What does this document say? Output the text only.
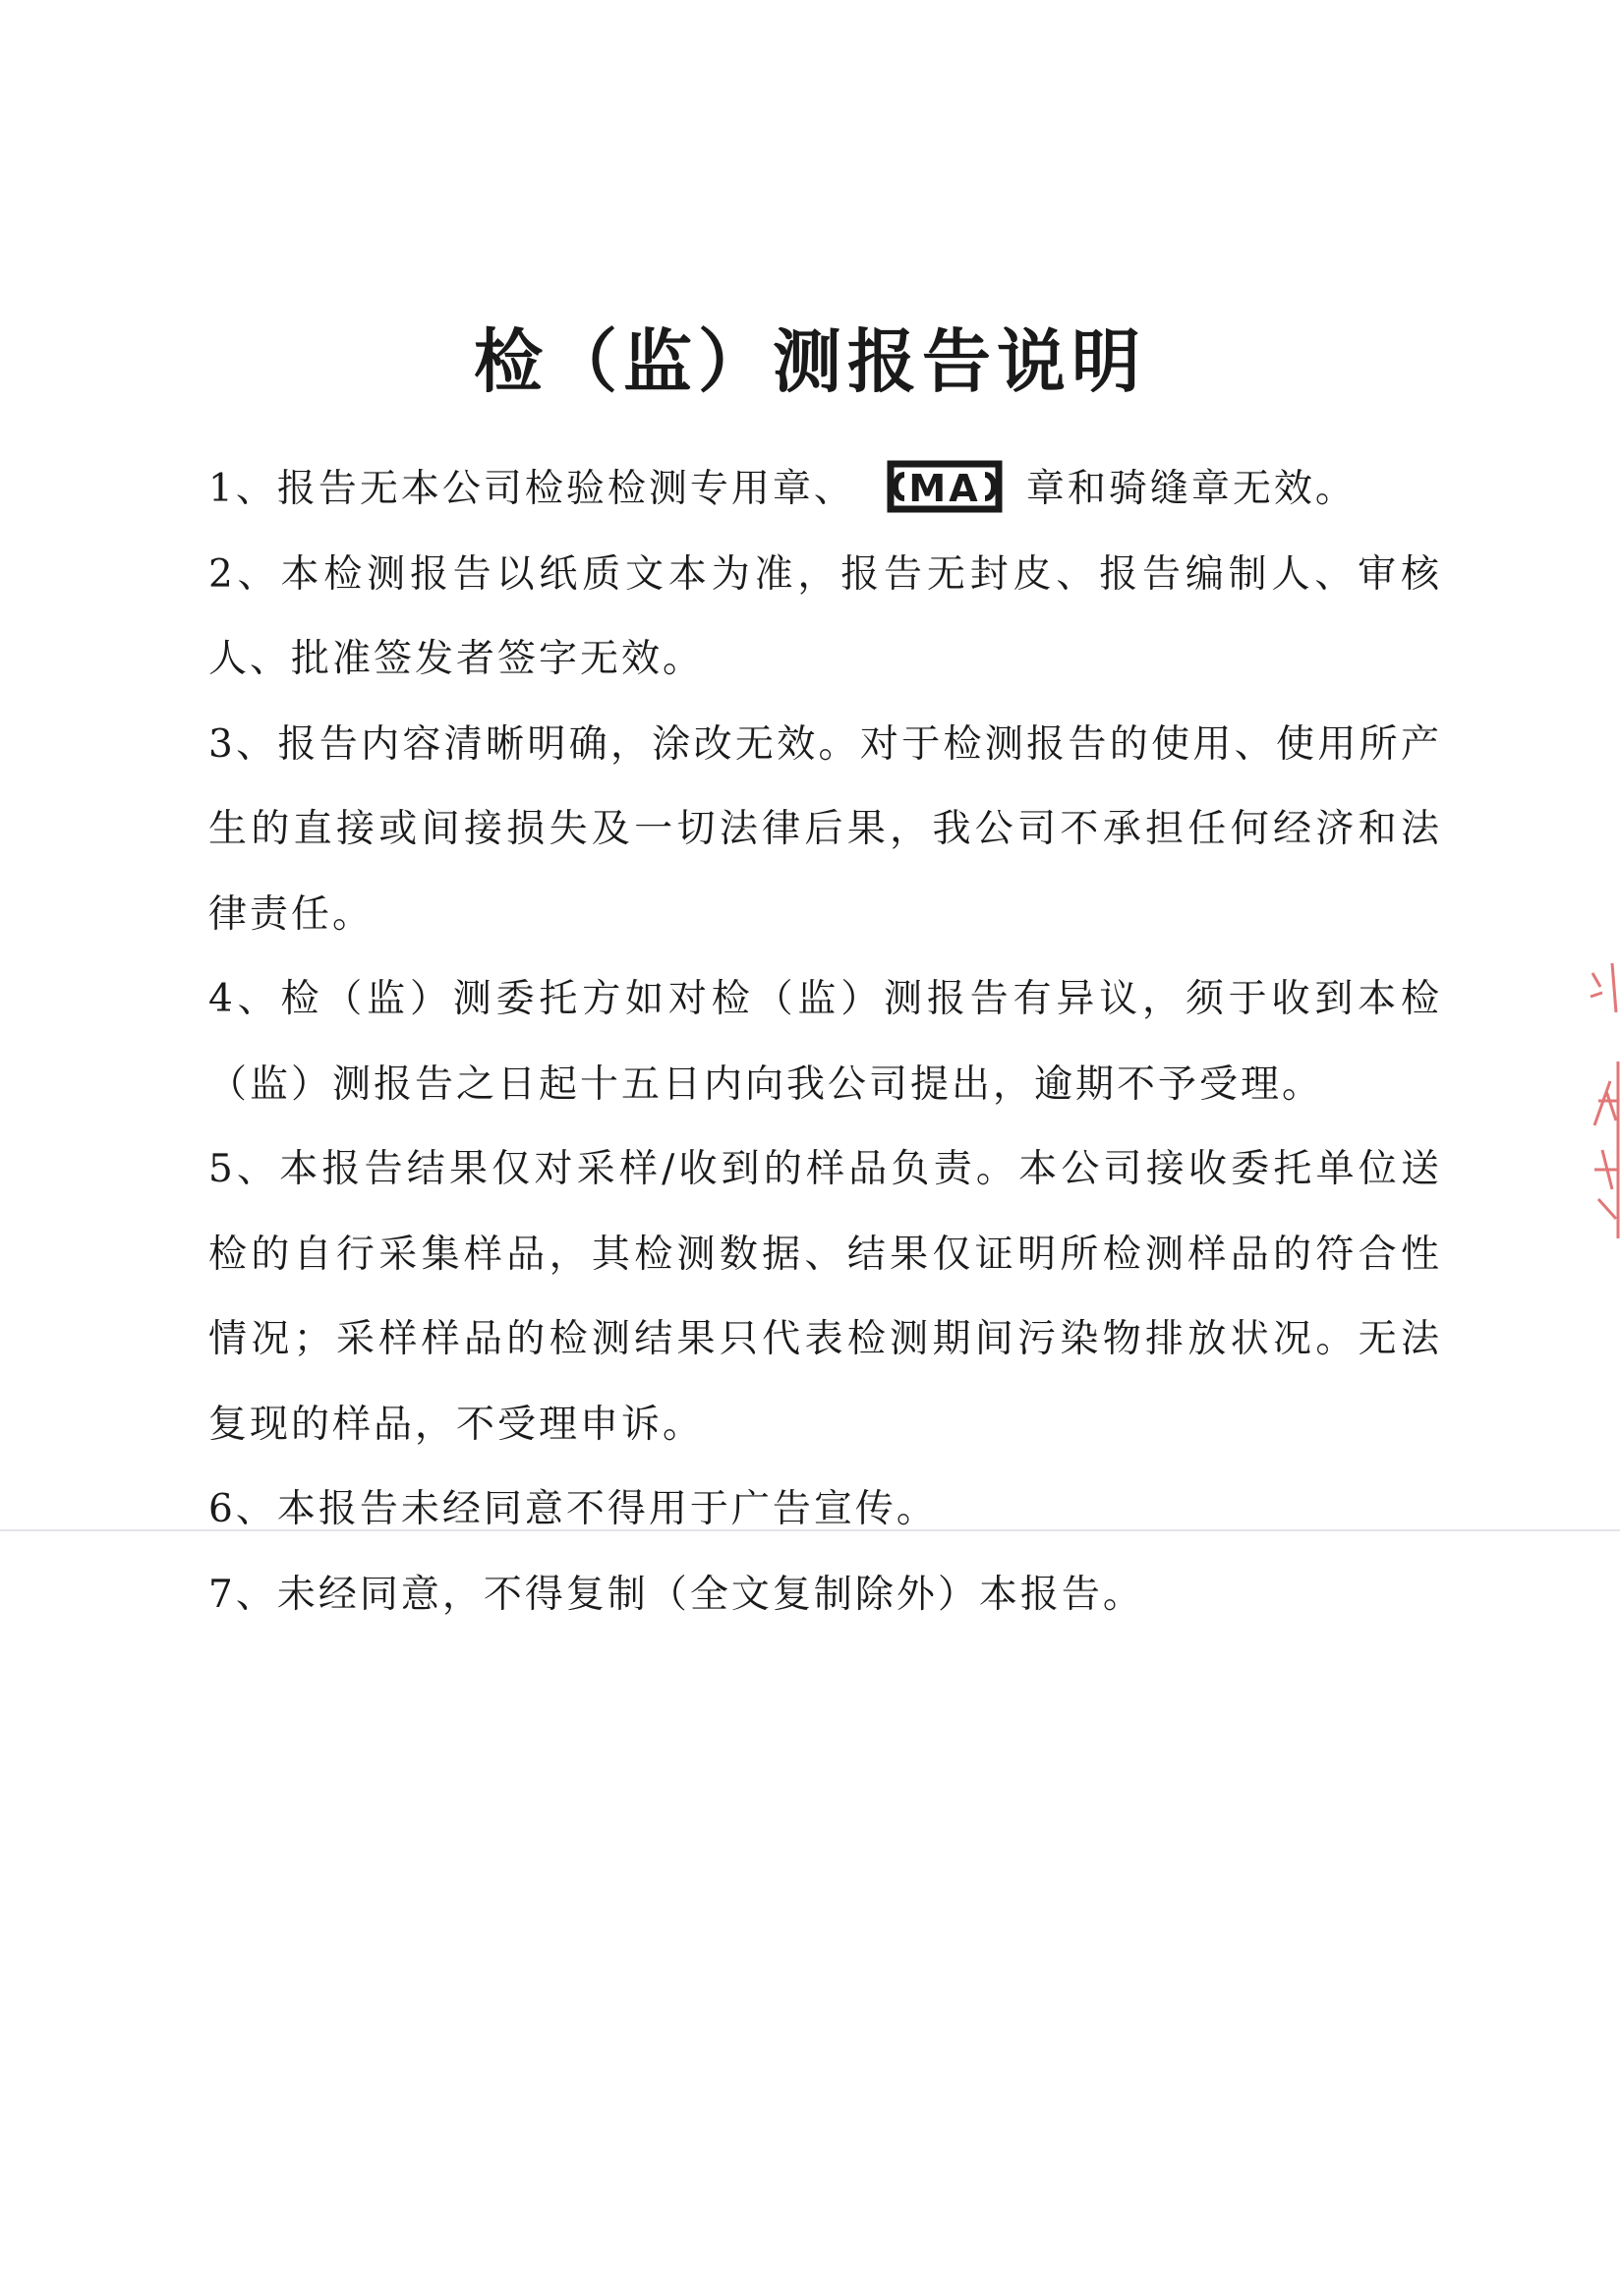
检（监）测报告说明

1、报告无本公司检验检测专用章、 MA 章和骑缝章无效。

2、本检测报告以纸质文本为准，报告无封皮、报告编制人、审核人、批准签发者签字无效。

3、报告内容清晰明确，涂改无效。对于检测报告的使用、使用所产生的直接或间接损失及一切法律后果，我公司不承担任何经济和法律责任。

4、检（监）测委托方如对检（监）测报告有异议，须于收到本检（监）测报告之日起十五日内向我公司提出，逾期不予受理。

5、本报告结果仅对采样/收到的样品负责。本公司接收委托单位送检的自行采集样品，其检测数据、结果仅证明所检测样品的符合性情况；采样样品的检测结果只代表检测期间污染物排放状况。无法复现的样品，不受理申诉。

6、本报告未经同意不得用于广告宣传。

7、未经同意，不得复制（全文复制除外）本报告。
